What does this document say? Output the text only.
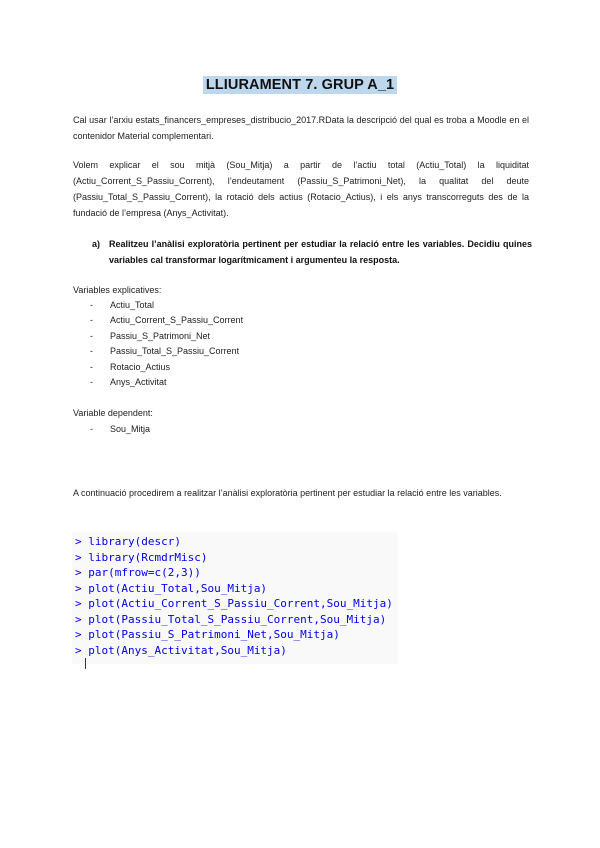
LLIURAMENT 7. GRUP A_1
Cal usar l’arxiu estats_financers_empreses_distribucio_2017.RData la descripció del qual es troba a Moodle en el contenidor Material complementari.
Volem explicar el sou mitjà (Sou_Mitja) a partir de l’actiu total (Actiu_Total) la liquiditat (Actiu_Corrent_S_Passiu_Corrent), l’endeutament (Passiu_S_Patrimoni_Net), la qualitat del deute (Passiu_Total_S_Passiu_Corrent), la rotació dels actius (Rotacio_Actius), i els anys transcorreguts des de la fundació de l’empresa (Anys_Activitat).
a) Realitzeu l’anàlisi exploratòria pertinent per estudiar la relació entre les variables. Decidiu quines variables cal transformar logarítmicament i argumenteu la resposta.
Variables explicatives:
- Actiu_Total
- Actiu_Corrent_S_Passiu_Corrent
- Passiu_S_Patrimoni_Net
- Passiu_Total_S_Passiu_Corrent
- Rotacio_Actius
- Anys_Activitat
Variable dependent:
- Sou_Mitja
A continuació procedirem a realitzar l’anàlisi exploratòria pertinent per estudiar la relació entre les variables.
> library(descr)
> library(RcmdrMisc)
> par(mfrow=c(2,3))
> plot(Actiu_Total,Sou_Mitja)
> plot(Actiu_Corrent_S_Passiu_Corrent,Sou_Mitja)
> plot(Passiu_Total_S_Passiu_Corrent,Sou_Mitja)
> plot(Passiu_S_Patrimoni_Net,Sou_Mitja)
> plot(Anys_Activitat,Sou_Mitja)
